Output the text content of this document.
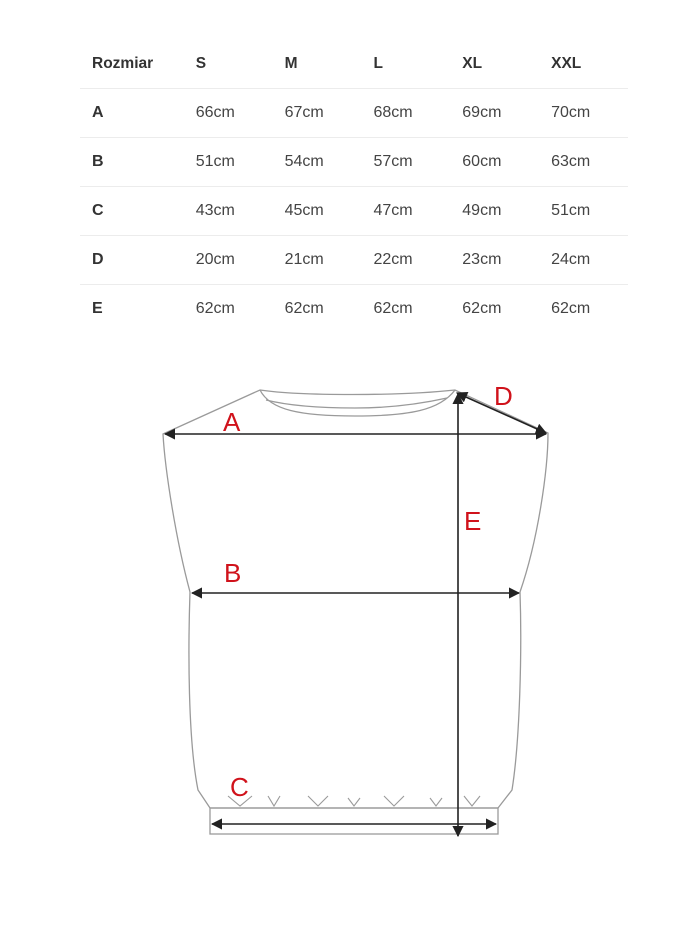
Rozmiar	S	M	L	XL	XXL
A	66cm	67cm	68cm	69cm	70cm
B	51cm	54cm	57cm	60cm	63cm
C	43cm	45cm	47cm	49cm	51cm
D	20cm	21cm	22cm	23cm	24cm
E	62cm	62cm	62cm	62cm	62cm
A
B
C
D
E
